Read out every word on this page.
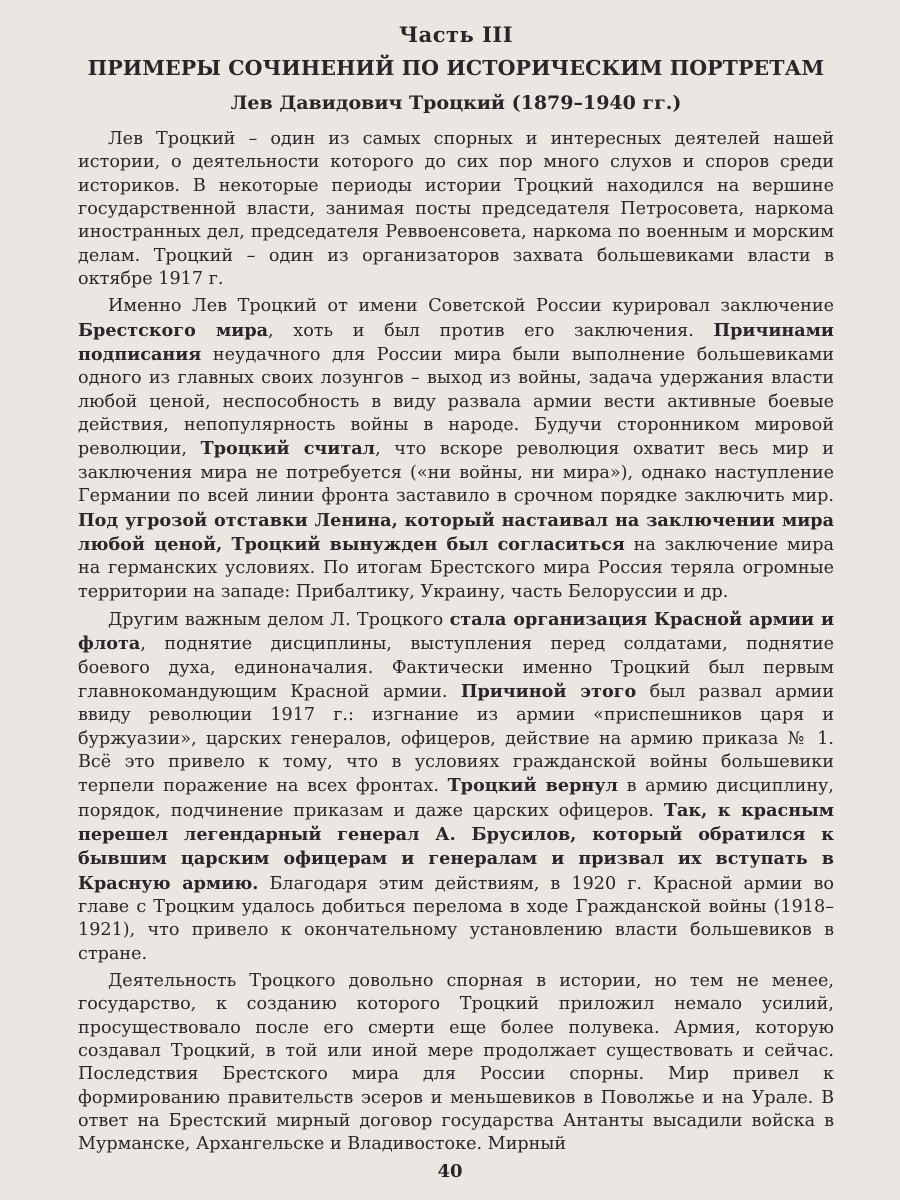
Часть III
ПРИМЕРЫ СОЧИНЕНИЙ ПО ИСТОРИЧЕСКИМ ПОРТРЕТАМ
Лев Давидович Троцкий (1879–1940 гг.)

Лев Троцкий – один из самых спорных и интересных деятелей нашей истории, о деятельности которого до сих пор много слухов и споров среди историков. В некоторые периоды истории Троцкий находился на вершине государственной власти, занимая посты председателя Петросовета, наркома иностранных дел, председателя Реввоенсовета, наркома по военным и морским делам. Троцкий – один из организаторов захвата большевиками власти в октябре 1917 г.

Именно Лев Троцкий от имени Советской России курировал заключение Брестского мира, хоть и был против его заключения. Причинами подписания неудачного для России мира были выполнение большевиками одного из главных своих лозунгов – выход из войны, задача удержания власти любой ценой, неспособность в виду развала армии вести активные боевые действия, непопулярность войны в народе. Будучи сторонником мировой революции, Троцкий считал, что вскоре революция охватит весь мир и заключения мира не потребуется («ни войны, ни мира»), однако наступление Германии по всей линии фронта заставило в срочном порядке заключить мир. Под угрозой отставки Ленина, который настаивал на заключении мира любой ценой, Троцкий вынужден был согласиться на заключение мира на германских условиях. По итогам Брестского мира Россия теряла огромные территории на западе: Прибалтику, Украину, часть Белоруссии и др.

Другим важным делом Л. Троцкого стала организация Красной армии и флота, поднятие дисциплины, выступления перед солдатами, поднятие боевого духа, единоначалия. Фактически именно Троцкий был первым главнокомандующим Красной армии. Причиной этого был развал армии ввиду революции 1917 г.: изгнание из армии «приспешников царя и буржуазии», царских генералов, офицеров, действие на армию приказа № 1. Всё это привело к тому, что в условиях гражданской войны большевики терпели поражение на всех фронтах. Троцкий вернул в армию дисциплину, порядок, подчинение приказам и даже царских офицеров. Так, к красным перешел легендарный генерал А. Брусилов, который обратился к бывшим царским офицерам и генералам и призвал их вступать в Красную армию. Благодаря этим действиям, в 1920 г. Красной армии во главе с Троцким удалось добиться перелома в ходе Гражданской войны (1918–1921), что привело к окончательному установлению власти большевиков в стране.

Деятельность Троцкого довольно спорная в истории, но тем не менее, государство, к созданию которого Троцкий приложил немало усилий, просуществовало после его смерти еще более полувека. Армия, которую создавал Троцкий, в той или иной мере продолжает существовать и сейчас. Последствия Брестского мира для России спорны. Мир привел к формированию правительств эсеров и меньшевиков в Поволжье и на Урале. В ответ на Брестский мирный договор государства Антанты высадили войска в Мурманске, Архангельске и Владивостоке. Мирный

40
